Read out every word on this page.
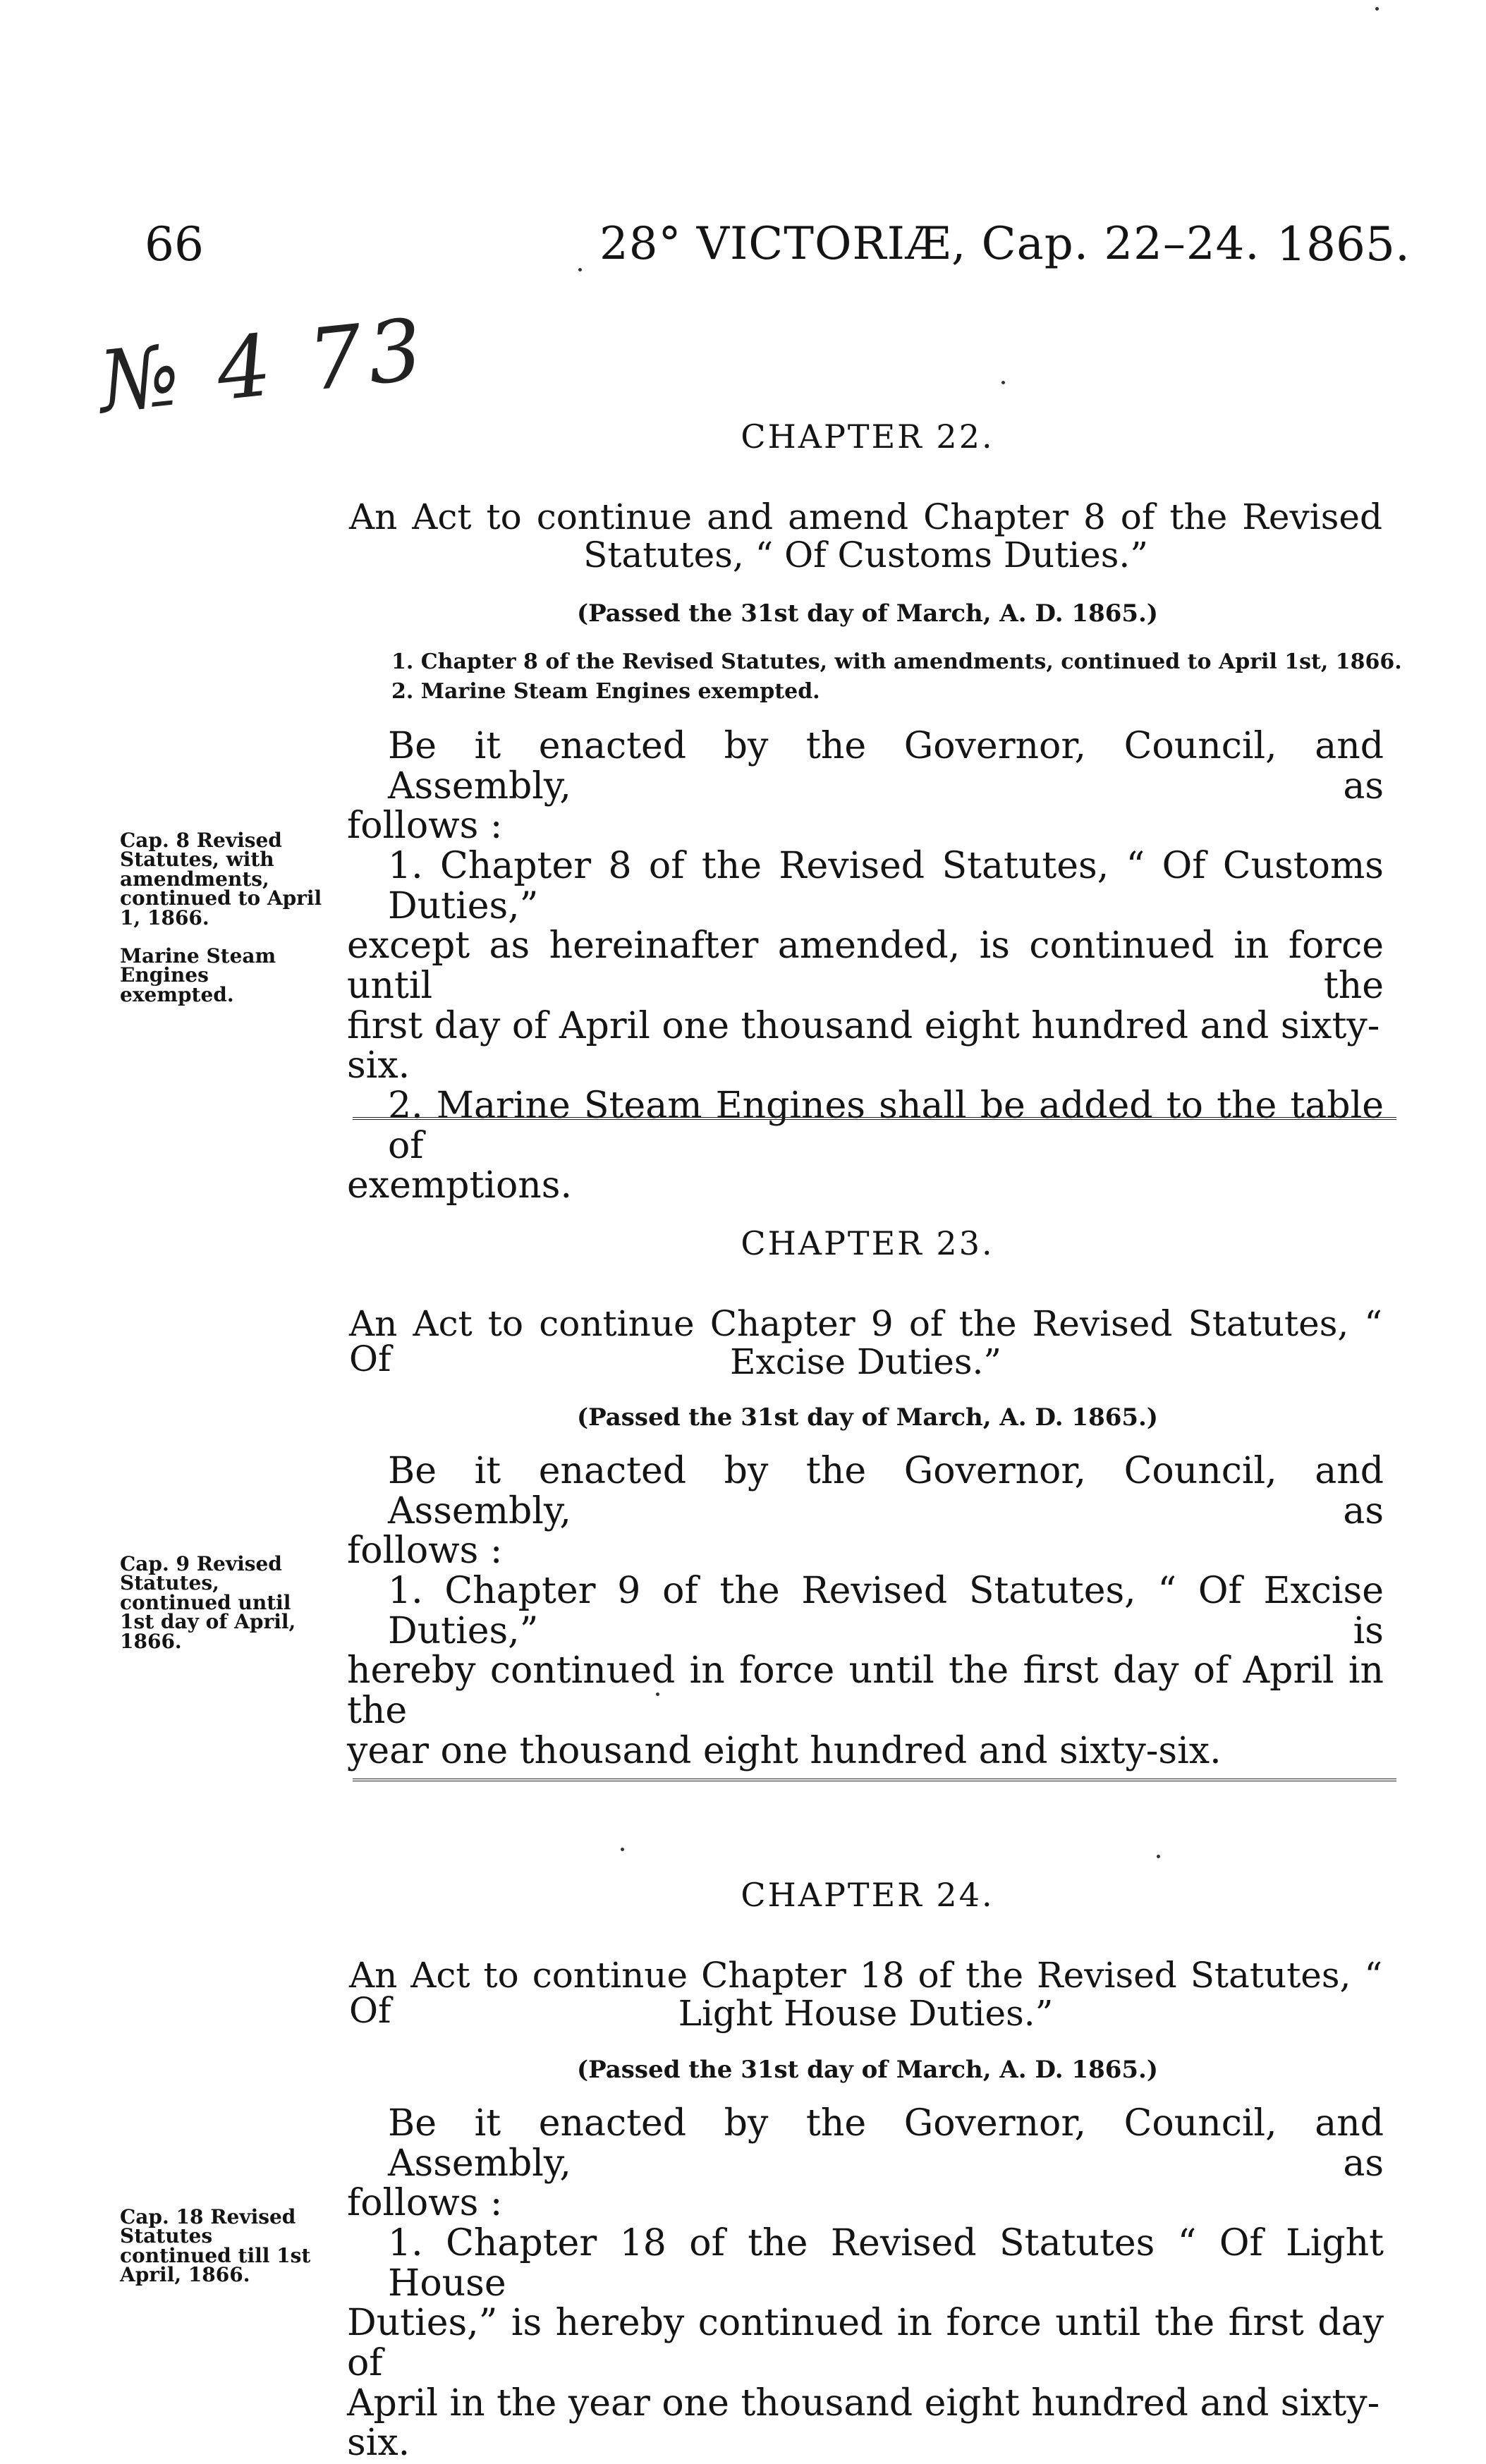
66	28° VICTORIÆ, Cap. 22–24. 1865.
№ 4 73
CHAPTER 22.
An Act to continue and amend Chapter 8 of the Revised
Statutes, “ Of Customs Duties.”
(Passed the 31st day of March, A. D. 1865.)
1. Chapter 8 of the Revised Statutes, with amendments, continued to April 1st, 1866.
2. Marine Steam Engines exempted.

Be it enacted by the Governor, Council, and Assembly, as

follows :

1. Chapter 8 of the Revised Statutes, “ Of Customs Duties,”

except as hereinafter amended, is continued in force until the

first day of April one thousand eight hundred and sixty-six.

2. Marine Steam Engines shall be added to the table of

exemptions.

Cap. 8 Revised Statutes, with amendments, continued to April 1, 1866.
Marine Steam Engines exempted.
CHAPTER 23.
An Act to continue Chapter 9 of the Revised Statutes, “ Of	Excise Duties.”
(Passed the 31st day of March, A. D. 1865.)

Be it enacted by the Governor, Council, and Assembly, as

follows :

1. Chapter 9 of the Revised Statutes, “ Of Excise Duties,” is

hereby continued in force until the first day of April in the

year one thousand eight hundred and sixty-six.

Cap. 9 Revised Statutes, continued until 1st day of April, 1866.
CHAPTER 24.
An Act to continue Chapter 18 of the Revised Statutes, “ Of	Light House Duties.”
(Passed the 31st day of March, A. D. 1865.)

Be it enacted by the Governor, Council, and Assembly, as

follows :

1. Chapter 18 of the Revised Statutes “ Of Light House

Duties,” is hereby continued in force until the first day of

April in the year one thousand eight hundred and sixty-six.

Cap. 18 Revised Statutes continued till 1st April, 1866.
